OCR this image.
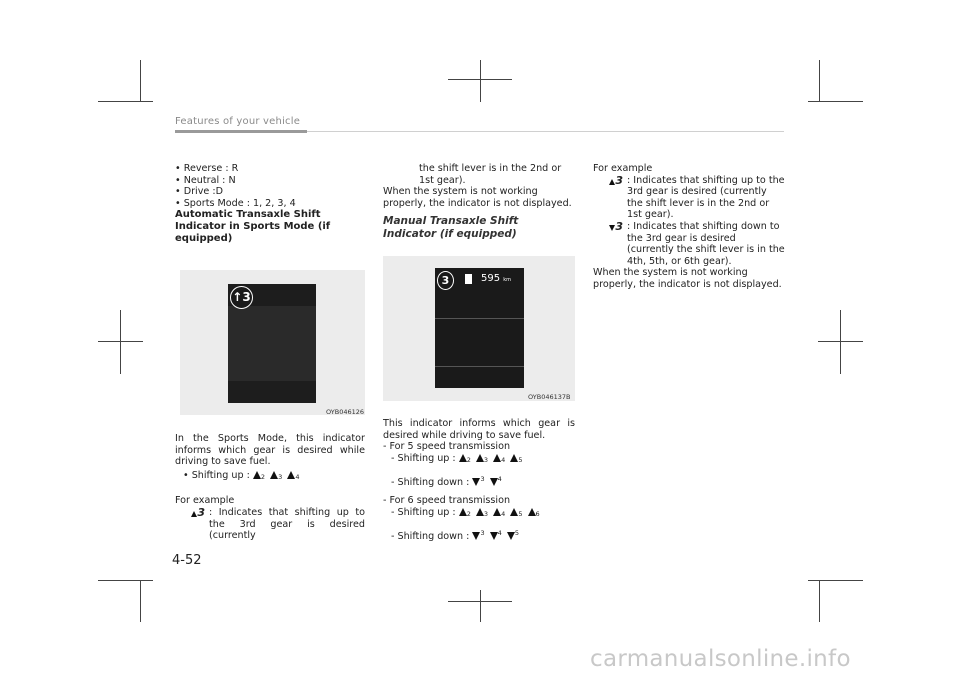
Features of your vehicle
4-52

• Reverse : R

• Neutral : N

• Drive :D

• Sports Mode : 1, 2, 3, 4

Automatic Transaxle Shift Indicator in Sports Mode (if equipped)

↑3
OYB046126

In the Sports Mode, this indicator informs which gear is desired while driving to save fuel.

• Shifting up : $_2$ $_3$ $_4$

For example

3 : Indicates that shifting up to the 3rd gear is desired (currently

the shift lever is in the 2nd or 1st gear).

When the system is not working properly, the indicator is not displayed.

Manual Transaxle Shift Indicator (if equipped)

3	595 km
OYB046137B

This indicator informs which gear is desired while driving to save fuel.

- For 5 speed transmission

- Shifting up : $_2$ $_3$ $_4$ $_5$

- Shifting down : $^3$ $^4$

- For 6 speed transmission

- Shifting up : $_2$ $_3$ $_4$ $_5$ $_6$

- Shifting down : $^3$ $^4$ $^5$

For example

3 : Indicates that shifting up to the 3rd gear is desired (currently the shift lever is in the 2nd or 1st gear).
3 : Indicates that shifting down to the 3rd gear is desired (currently the shift lever is in the 4th, 5th, or 6th gear).

When the system is not working properly, the indicator is not displayed.

carmanualsonline.info
